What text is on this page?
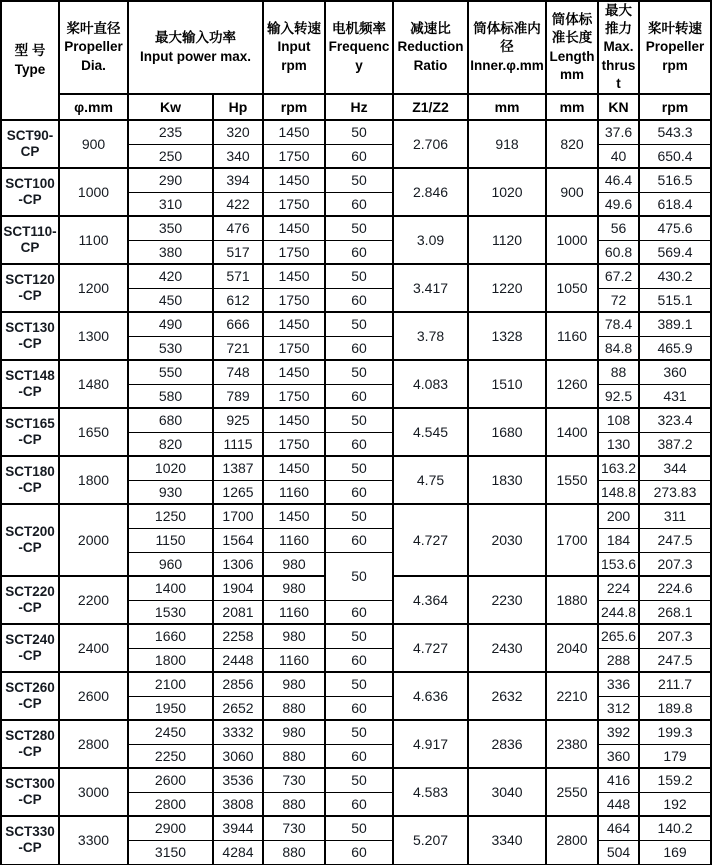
型 号
Type

桨叶直径
Propeller Dia.

最大输入功率
Input power max.

输入转速
Input rpm

电机频率
Frequency

减速比
Reduction Ratio

筒体标准内径
Inner.φ.mm

筒体标准长度
Length mm

最大推力
Max. thrust

桨叶转速
Propeller rpm

	φ.mm	Kw	Hp	rpm	Hz	Z1/Z2	mm	mm	KN	rpm
SCT90-CP	900	235	320	1450	50	2.706	918	820	37.6	543.3
		250	340	1750	60				40	650.4
SCT100-CP	1000	290	394	1450	50	2.846	1020	900	46.4	516.5
		310	422	1750	60				49.6	618.4
SCT110-CP	1100	350	476	1450	50	3.09	1120	1000	56	475.6
		380	517	1750	60				60.8	569.4
SCT120-CP	1200	420	571	1450	50	3.417	1220	1050	67.2	430.2
		450	612	1750	60				72	515.1
SCT130-CP	1300	490	666	1450	50	3.78	1328	1160	78.4	389.1
		530	721	1750	60				84.8	465.9
SCT148-CP	1480	550	748	1450	50	4.083	1510	1260	88	360
		580	789	1750	60				92.5	431
SCT165-CP	1650	680	925	1450	50	4.545	1680	1400	108	323.4
		820	1115	1750	60				130	387.2
SCT180-CP	1800	1020	1387	1450	50	4.75	1830	1550	163.2	344
		930	1265	1160	60				148.8	273.83
SCT200-CP	2000	1250	1700	1450	50	4.727	2030	1700	200	311
		1150	1564	1160	60				184	247.5
		960	1306	980	50				153.6	207.3
SCT220-CP	2200	1400	1904	980		4.364	2230	1880	224	224.6
		1530	2081	1160	60				244.8	268.1
SCT240-CP	2400	1660	2258	980	50	4.727	2430	2040	265.6	207.3
		1800	2448	1160	60				288	247.5
SCT260-CP	2600	2100	2856	980	50	4.636	2632	2210	336	211.7
		1950	2652	880	60				312	189.8
SCT280-CP	2800	2450	3332	980	50	4.917	2836	2380	392	199.3
		2250	3060	880	60				360	179
SCT300-CP	3000	2600	3536	730	50	4.583	3040	2550	416	159.2
		2800	3808	880	60				448	192
SCT330-CP	3300	2900	3944	730	50	5.207	3340	2800	464	140.2
		3150	4284	880	60				504	169
